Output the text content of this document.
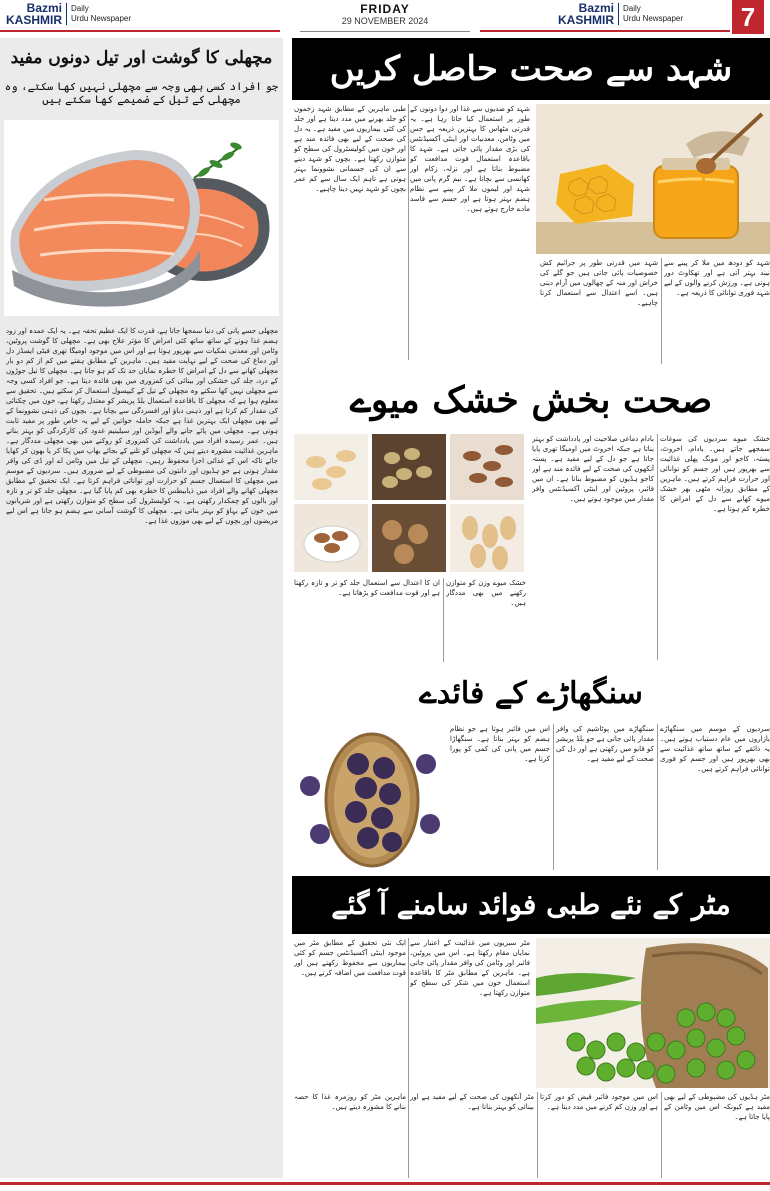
Bazmi
KASHMIR
Daily
Urdu Newspaper
FRIDAY
29 NOVEMBER 2024
Bazmi
KASHMIR
Daily
Urdu Newspaper	7
مچھلی کا گوشت اور تیل دونوں مفید
جو افراد کسی بھی وجہ سے مچھلی نہیں کھا سکتے، وہ مچھلی کے تیل کے ضمیمے کھا سکتے ہیں
مچھلی جسے پانی کی دنیا سمجھا جاتا ہے، قدرت کا ایک عظیم تحفہ ہے۔ یہ ایک عمدہ اور زود ہضم غذا ہونے کے ساتھ ساتھ کئی امراض کا مؤثر علاج بھی ہے۔ مچھلی کا گوشت پروٹین، وٹامن اور معدنی نمکیات سے بھرپور ہوتا ہے اور اس میں موجود اومیگا تھری فیٹی ایسڈز دل اور دماغ کی صحت کے لیے نہایت مفید ہیں۔ ماہرین کے مطابق ہفتے میں کم از کم دو بار مچھلی کھانے سے دل کے امراض کا خطرہ نمایاں حد تک کم ہو جاتا ہے۔ مچھلی کا تیل جوڑوں کے درد، جلد کی خشکی اور بینائی کی کمزوری میں بھی فائدہ دیتا ہے۔ جو افراد کسی وجہ سے مچھلی نہیں کھا سکتے وہ مچھلی کے تیل کے کیپسول استعمال کر سکتے ہیں۔ تحقیق سے معلوم ہوا ہے کہ مچھلی کا باقاعدہ استعمال بلڈ پریشر کو معتدل رکھتا ہے، خون میں چکنائی کی مقدار کم کرتا ہے اور ذہنی دباؤ اور افسردگی سے بچاتا ہے۔ بچوں کی ذہنی نشوونما کے لیے بھی مچھلی ایک بہترین غذا ہے جبکہ حاملہ خواتین کے لیے یہ خاص طور پر مفید ثابت ہوتی ہے۔ مچھلی میں پائے جانے والے آیوڈین اور سیلینیم غدود کی کارکردگی کو بہتر بناتے ہیں۔ عمر رسیدہ افراد میں یادداشت کی کمزوری کو روکنے میں بھی مچھلی مددگار ہے۔ ماہرین غذائیت مشورہ دیتے ہیں کہ مچھلی کو تلنے کے بجائے بھاپ میں پکا کر یا بھون کر کھایا جائے تاکہ اس کے غذائی اجزا محفوظ رہیں۔ مچھلی کے تیل میں وٹامن اے اور ڈی کی وافر مقدار ہوتی ہے جو ہڈیوں اور دانتوں کی مضبوطی کے لیے ضروری ہیں۔ سردیوں کے موسم میں مچھلی کا استعمال جسم کو حرارت اور توانائی فراہم کرتا ہے۔ ایک تحقیق کے مطابق مچھلی کھانے والے افراد میں ذیابیطس کا خطرہ بھی کم پایا گیا ہے۔ مچھلی جلد کو تر و تازہ اور بالوں کو چمکدار رکھتی ہے۔ یہ کولیسٹرول کی سطح کو متوازن رکھتی ہے اور شریانوں میں خون کے بہاؤ کو بہتر بناتی ہے۔ مچھلی کا گوشت آسانی سے ہضم ہو جاتا ہے اس لیے مریضوں اور بچوں کے لیے بھی موزوں غذا ہے۔
شہد سے صحت حاصل کریں
شہد کو صدیوں سے غذا اور دوا دونوں کے طور پر استعمال کیا جاتا رہا ہے۔ یہ قدرتی مٹھاس کا بہترین ذریعہ ہے جس میں وٹامن، معدنیات اور اینٹی آکسیڈنٹس کی بڑی مقدار پائی جاتی ہے۔ شہد کا باقاعدہ استعمال قوت مدافعت کو مضبوط بناتا ہے اور نزلہ، زکام اور کھانسی سے بچاتا ہے۔ نیم گرم پانی میں شہد اور لیموں ملا کر پینے سے نظام ہضم بہتر ہوتا ہے اور جسم سے فاسد مادے خارج ہوتے ہیں۔
طبی ماہرین کے مطابق شہد زخموں کو جلد بھرنے میں مدد دیتا ہے اور جلد کی کئی بیماریوں میں مفید ہے۔ یہ دل کی صحت کے لیے بھی فائدہ مند ہے اور خون میں کولیسٹرول کی سطح کو متوازن رکھتا ہے۔ بچوں کو شہد دینے سے ان کی جسمانی نشوونما بہتر ہوتی ہے تاہم ایک سال سے کم عمر بچوں کو شہد نہیں دینا چاہیے۔
شہد کو دودھ میں ملا کر پینے سے نیند بہتر آتی ہے اور تھکاوٹ دور ہوتی ہے۔ ورزش کرنے والوں کے لیے شہد فوری توانائی کا ذریعہ ہے۔
شہد میں قدرتی طور پر جراثیم کش خصوصیات پائی جاتی ہیں جو گلے کی خراش اور منہ کے چھالوں میں آرام دیتی ہیں۔ اسے اعتدال سے استعمال کرنا چاہیے۔
صحت بخش خشک میوے
خشک میوے سردیوں کی سوغات سمجھے جاتے ہیں۔ بادام، اخروٹ، پستہ، کاجو اور مونگ پھلی غذائیت سے بھرپور ہیں اور جسم کو توانائی اور حرارت فراہم کرتے ہیں۔ ماہرین کے مطابق روزانہ مٹھی بھر خشک میوے کھانے سے دل کے امراض کا خطرہ کم ہوتا ہے۔
بادام دماغی صلاحیت اور یادداشت کو بہتر بناتا ہے جبکہ اخروٹ میں اومیگا تھری پایا جاتا ہے جو دل کے لیے مفید ہے۔ پستہ آنکھوں کی صحت کے لیے فائدہ مند ہے اور کاجو ہڈیوں کو مضبوط بناتا ہے۔ ان میں فائبر، پروٹین اور اینٹی آکسیڈنٹس وافر مقدار میں موجود ہوتے ہیں۔
خشک میوے وزن کو متوازن رکھنے میں بھی مددگار ہیں۔
ان کا اعتدال سے استعمال جلد کو تر و تازہ رکھتا ہے اور قوت مدافعت کو بڑھاتا ہے۔
سنگھاڑے کے فائدے
سردیوں کے موسم میں سنگھاڑے بازاروں میں عام دستیاب ہوتے ہیں۔ یہ ذائقے کے ساتھ ساتھ غذائیت سے بھی بھرپور ہیں اور جسم کو فوری توانائی فراہم کرتے ہیں۔
سنگھاڑے میں پوٹاشیم کی وافر مقدار پائی جاتی ہے جو بلڈ پریشر کو قابو میں رکھتی ہے اور دل کی صحت کے لیے مفید ہے۔
اس میں فائبر ہوتا ہے جو نظام ہضم کو بہتر بناتا ہے۔ سنگھاڑا جسم میں پانی کی کمی کو پورا کرتا ہے۔
مٹر کے نئے طبی فوائد سامنے آ گئے
مٹر سبزیوں میں غذائیت کے اعتبار سے نمایاں مقام رکھتا ہے۔ اس میں پروٹین، فائبر اور وٹامن کی وافر مقدار پائی جاتی ہے۔ ماہرین کے مطابق مٹر کا باقاعدہ استعمال خون میں شکر کی سطح کو متوازن رکھتا ہے۔
ایک نئی تحقیق کے مطابق مٹر میں موجود اینٹی آکسیڈنٹس جسم کو کئی بیماریوں سے محفوظ رکھتے ہیں اور قوت مدافعت میں اضافہ کرتے ہیں۔
مٹر ہڈیوں کی مضبوطی کے لیے بھی مفید ہے کیونکہ اس میں وٹامن کے پایا جاتا ہے۔
اس میں موجود فائبر قبض کو دور کرتا ہے اور وزن کم کرنے میں مدد دیتا ہے۔
مٹر آنکھوں کی صحت کے لیے مفید ہے اور بینائی کو بہتر بناتا ہے۔
ماہرین مٹر کو روزمرہ غذا کا حصہ بنانے کا مشورہ دیتے ہیں۔
